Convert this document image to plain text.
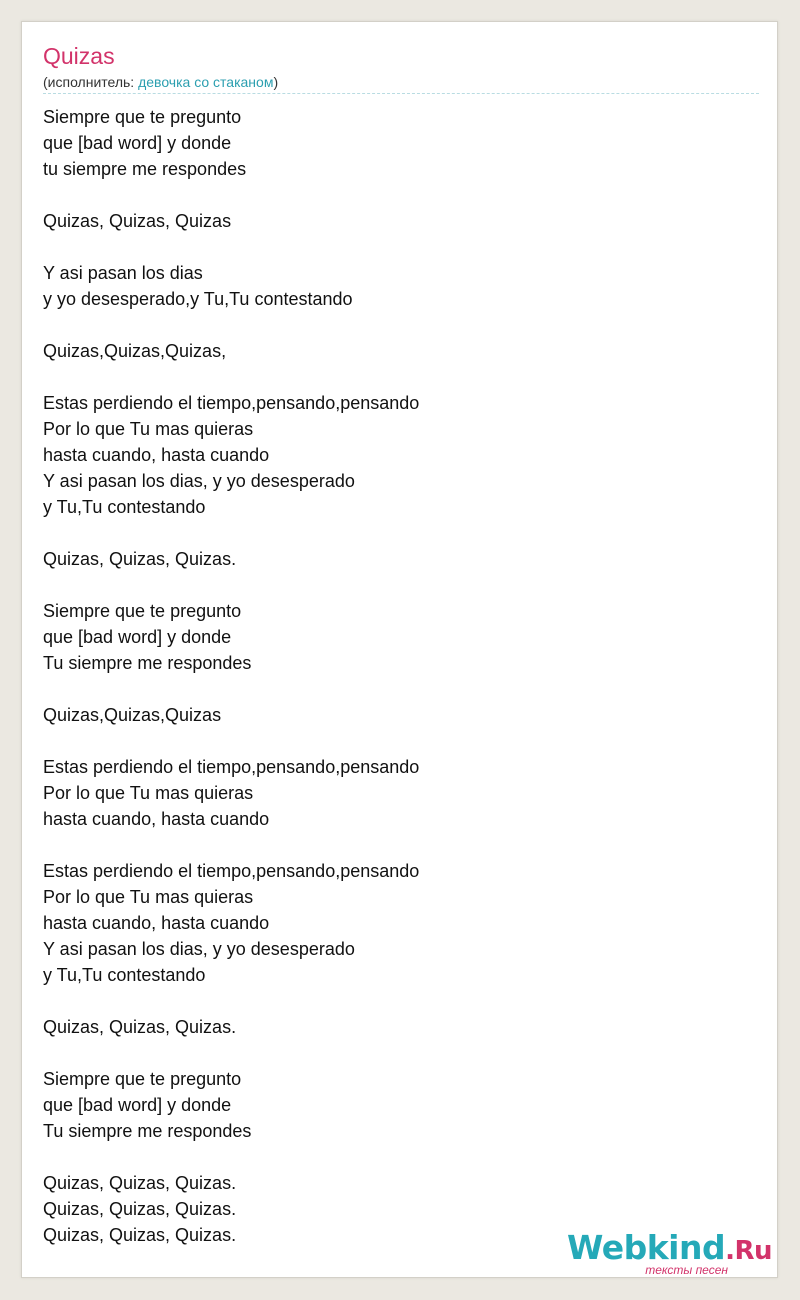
Quizas
(исполнитель: девочка со стаканом)
Siempre que te pregunto
que [bad word] y donde
tu siempre me respondes
Quizas, Quizas, Quizas
Y asi pasan los dias
y yo desesperado,y Tu,Tu contestando
Quizas,Quizas,Quizas,
Estas perdiendo el tiempo,pensando,pensando
Por lo que Tu mas quieras
hasta cuando, hasta cuando
Y asi pasan los dias, y yo desesperado
y Tu,Tu contestando
Quizas, Quizas, Quizas.
Siempre que te pregunto
que [bad word] y donde
Tu siempre me respondes
Quizas,Quizas,Quizas
Estas perdiendo el tiempo,pensando,pensando
Por lo que Tu mas quieras
hasta cuando, hasta cuando
Estas perdiendo el tiempo,pensando,pensando
Por lo que Tu mas quieras
hasta cuando, hasta cuando
Y asi pasan los dias, y yo desesperado
y Tu,Tu contestando
Quizas, Quizas, Quizas.
Siempre que te pregunto
que [bad word] y donde
Tu siempre me respondes
Quizas, Quizas, Quizas.
Quizas, Quizas, Quizas.
Quizas, Quizas, Quizas.	Webkind.Ru
тексты песен
